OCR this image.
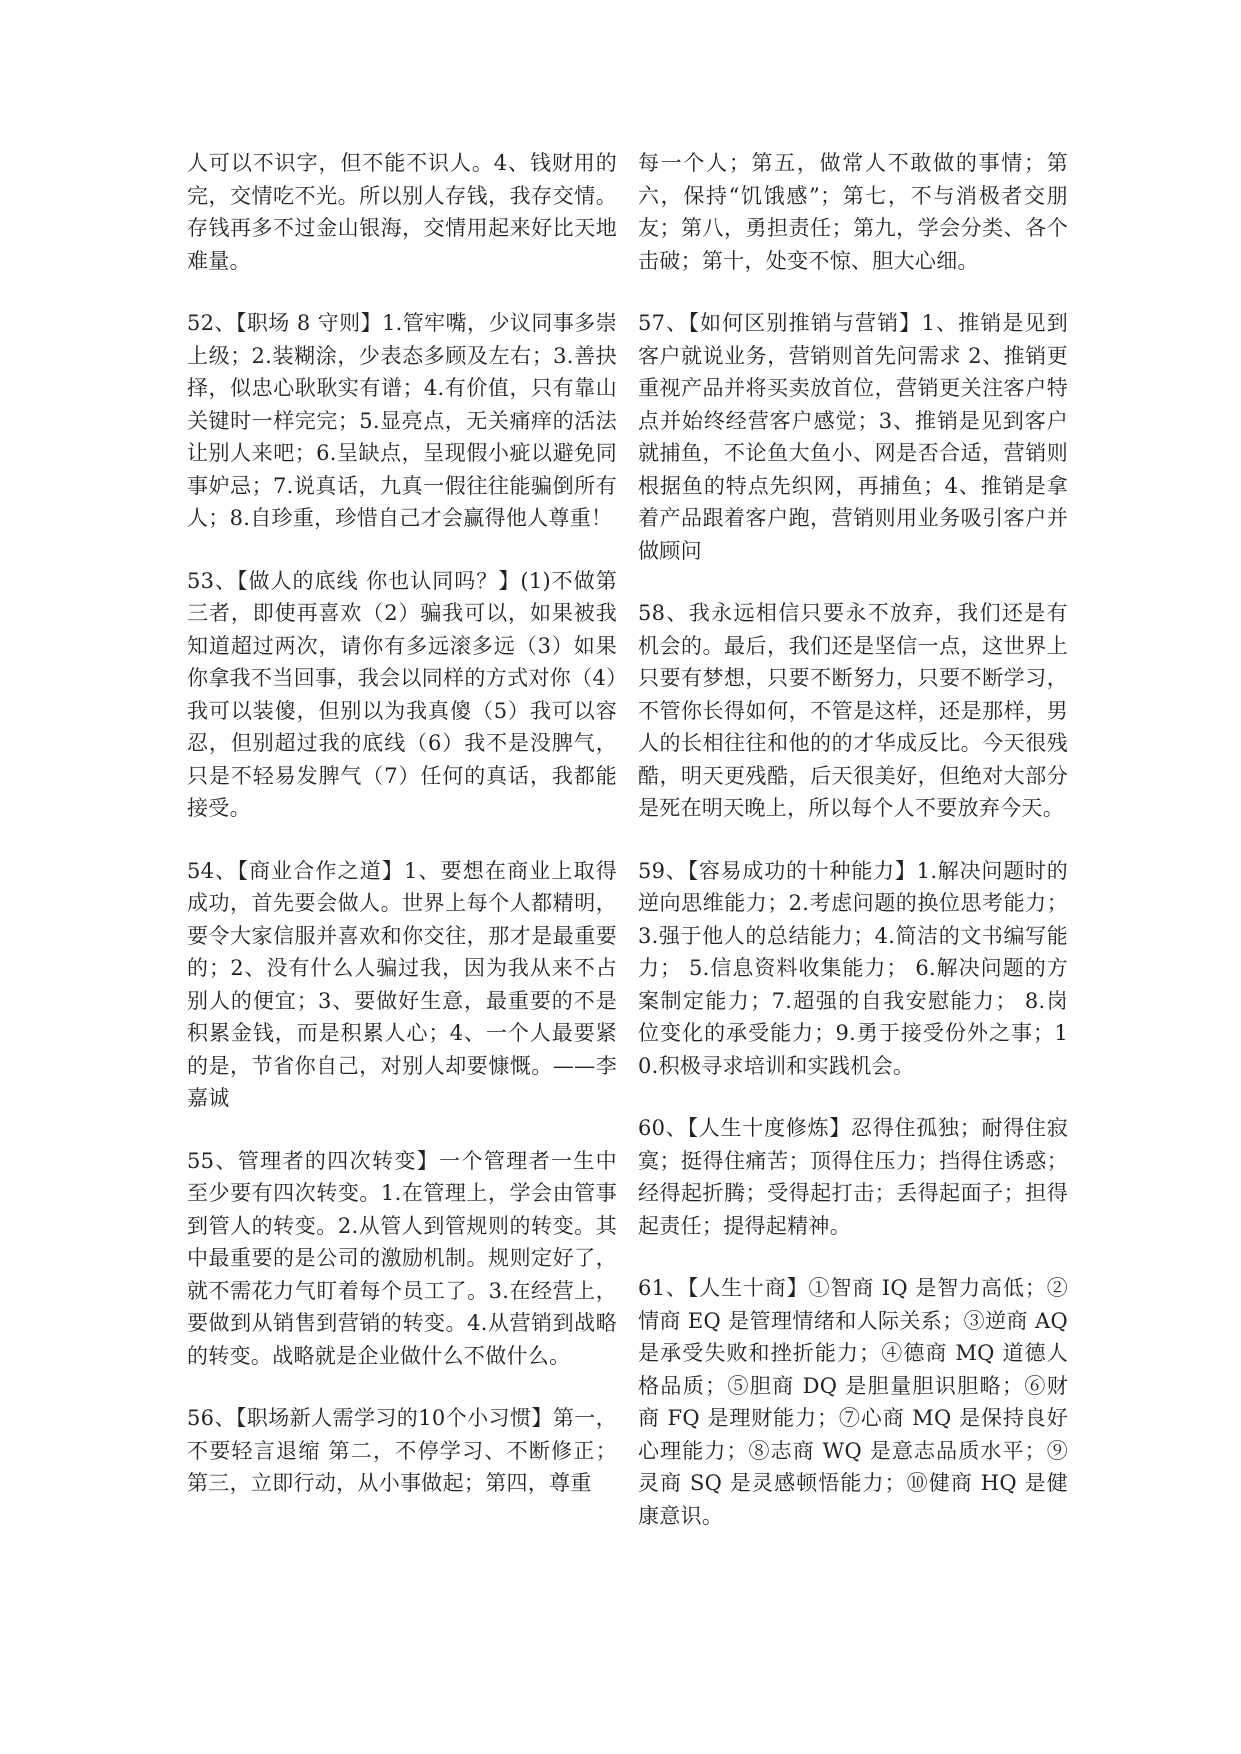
人可以不识字，但不能不识人。4、钱财用的完，交情吃不光。所以别人存钱，我存交情。存钱再多不过金山银海，交情用起来好比天地难量。

52、【职场 8 守则】1.管牢嘴，少议同事多崇上级；2.装糊涂，少表态多顾及左右；3.善抉择，似忠心耿耿实有谱；4.有价值，只有靠山关键时一样完完；5.显亮点，无关痛痒的活法让别人来吧；6.呈缺点，呈现假小疵以避免同事妒忌；7.说真话，九真一假往往能骗倒所有人；8.自珍重，珍惜自己才会赢得他人尊重！

53、【做人的底线 你也认同吗？】(1)不做第三者，即使再喜欢（2）骗我可以，如果被我知道超过两次，请你有多远滚多远（3）如果你拿我不当回事，我会以同样的方式对你（4）我可以装傻，但别以为我真傻（5）我可以容忍，但别超过我的底线（6）我不是没脾气，只是不轻易发脾气（7）任何的真话，我都能接受。

54、【商业合作之道】1、要想在商业上取得成功，首先要会做人。世界上每个人都精明，要令大家信服并喜欢和你交往，那才是最重要的；2、没有什么人骗过我，因为我从来不占别人的便宜；3、要做好生意，最重要的不是积累金钱，而是积累人心；4、一个人最要紧的是，节省你自己，对别人却要慷慨。——李嘉诚

55、管理者的四次转变】一个管理者一生中至少要有四次转变。1.在管理上，学会由管事到管人的转变。2.从管人到管规则的转变。其中最重要的是公司的激励机制。规则定好了，就不需花力气盯着每个员工了。3.在经营上，要做到从销售到营销的转变。4.从营销到战略的转变。战略就是企业做什么不做什么。

56、【职场新人需学习的10个小习惯】第一，不要轻言退缩 第二，不停学习、不断修正；第三，立即行动，从小事做起；第四，尊重

每一个人；第五，做常人不敢做的事情；第六，保持“饥饿感”；第七，不与消极者交朋友；第八，勇担责任；第九，学会分类、各个击破；第十，处变不惊、胆大心细。

57、【如何区别推销与营销】1、推销是见到客户就说业务，营销则首先问需求 2、推销更重视产品并将买卖放首位，营销更关注客户特点并始终经营客户感觉；3、推销是见到客户就捕鱼，不论鱼大鱼小、网是否合适，营销则根据鱼的特点先织网，再捕鱼；4、推销是拿着产品跟着客户跑，营销则用业务吸引客户并做顾问

58、我永远相信只要永不放弃，我们还是有机会的。最后，我们还是坚信一点，这世界上只要有梦想，只要不断努力，只要不断学习，不管你长得如何，不管是这样，还是那样，男人的长相往往和他的的才华成反比。今天很残酷，明天更残酷，后天很美好，但绝对大部分是死在明天晚上，所以每个人不要放弃今天。

59、【容易成功的十种能力】1.解决问题时的逆向思维能力；2.考虑问题的换位思考能力；3.强于他人的总结能力；4.简洁的文书编写能力； 5.信息资料收集能力； 6.解决问题的方案制定能力；7.超强的自我安慰能力； 8.岗位变化的承受能力；9.勇于接受份外之事；10.积极寻求培训和实践机会。

60、【人生十度修炼】忍得住孤独；耐得住寂寞；挺得住痛苦；顶得住压力；挡得住诱惑；经得起折腾；受得起打击；丢得起面子；担得起责任；提得起精神。

61、【人生十商】①智商 IQ 是智力高低；②情商 EQ 是管理情绪和人际关系；③逆商 AQ 是承受失败和挫折能力；④德商 MQ 道德人格品质；⑤胆商 DQ 是胆量胆识胆略；⑥财商 FQ 是理财能力；⑦心商 MQ 是保持良好心理能力；⑧志商 WQ 是意志品质水平；⑨灵商 SQ 是灵感顿悟能力；⑩健商 HQ 是健康意识。
